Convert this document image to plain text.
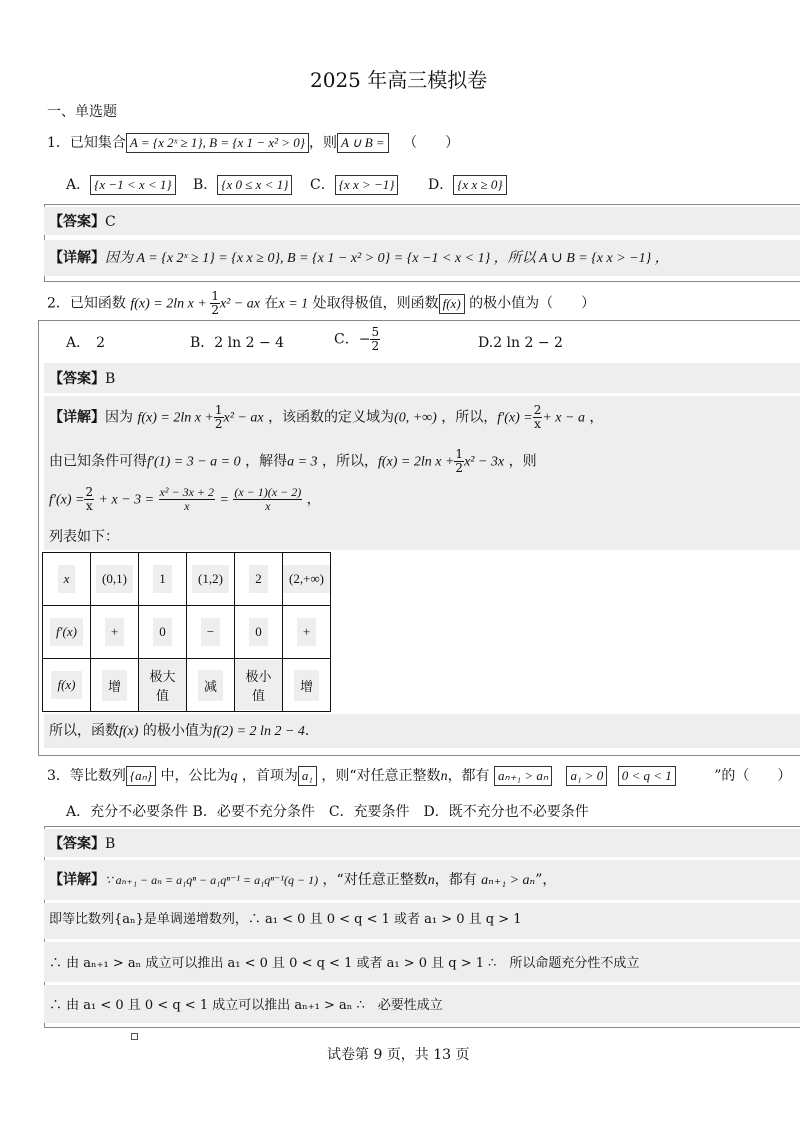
2025 年高三模拟卷
一、单选题
1．已知集合 A = {x 2ˣ ≥ 1}, B = {x 1 − x² > 0} ，则 A ∪ B = （　　）
A． {x −1 < x < 1} B． {x 0 ≤ x < 1} C． {x x > −1} D． {x x ≥ 0}
【答案】C
【详解】因为 A = {x 2ˣ ≥ 1} = {x x ≥ 0}, B = {x 1 − x² > 0} = {x −1 < x < 1} ，所以 A ∪ B = {x x > −1} ，
2．已知函数 f(x) = 2ln $x + \frac{1}{2} x^2$ − ax 在x = 1 处取得极值，则函数 f(x) 的极小值为（　　）
A． 2	B．2 ln 2 − 4	C．− $\frac{5}{2}$	D.2 ln 2 − 2
【答案】B
【详解】因为 f(x) = 2ln $x + \frac{1}{2} x^2$ − ax ，该函数的定义域为(0, +∞) ，所以，$f'(x) = \frac{2}{x} + x - a$ ，
由已知条件可得f′(1) = 3 − a = 0 ，解得a = 3 ，所以，f(x) = 2ln $x + \frac{1}{2} x^2 - 3x$ ，则
$f'(x) = \frac{2}{x} + x - 3 = \frac{\text{x² − 3x + 2}}{x} = \frac{(x - 1)(x - 2)}{x}$ ，
列表如下：
x	(0,1)	1	(1,2)	2	(2,+∞)
f′(x)	+	0	−	0	+
f(x)	增	极大值	减	极小值	增
所以，函数f(x) 的极小值为f(2) = 2 ln 2 − 4．
3．等比数列 {aₙ} 中，公比为q ，首项为 a₁ ，则“对任意正整数n，都有 aₙ₊₁ > aₙ a₁ > 0 0 < q < 1	”的（　　）
A．充分不必要条件 B．必要不充分条件　C．充要条件　D．既不充分也不必要条件
【答案】B
【详解】∵ aₙ₊₁ − aₙ = a₁qⁿ − a₁qⁿ⁻¹ = a₁qⁿ⁻¹(q − 1) ，“对任意正整数n，都有 aₙ₊₁ > aₙ”，
即等比数列{aₙ}是单调递增数列，∴ a₁ < 0 且 0 < q < 1 或者 a₁ > 0 且 q > 1
∴ 由 aₙ₊₁ > aₙ 成立可以推出 a₁ < 0 且 0 < q < 1 或者 a₁ > 0 且 q > 1 ∴　所以命题充分性不成立
∴ 由 a₁ < 0 且 0 < q < 1 成立可以推出 aₙ₊₁ > aₙ ∴　必要性成立
试卷第 9 页，共 13 页
